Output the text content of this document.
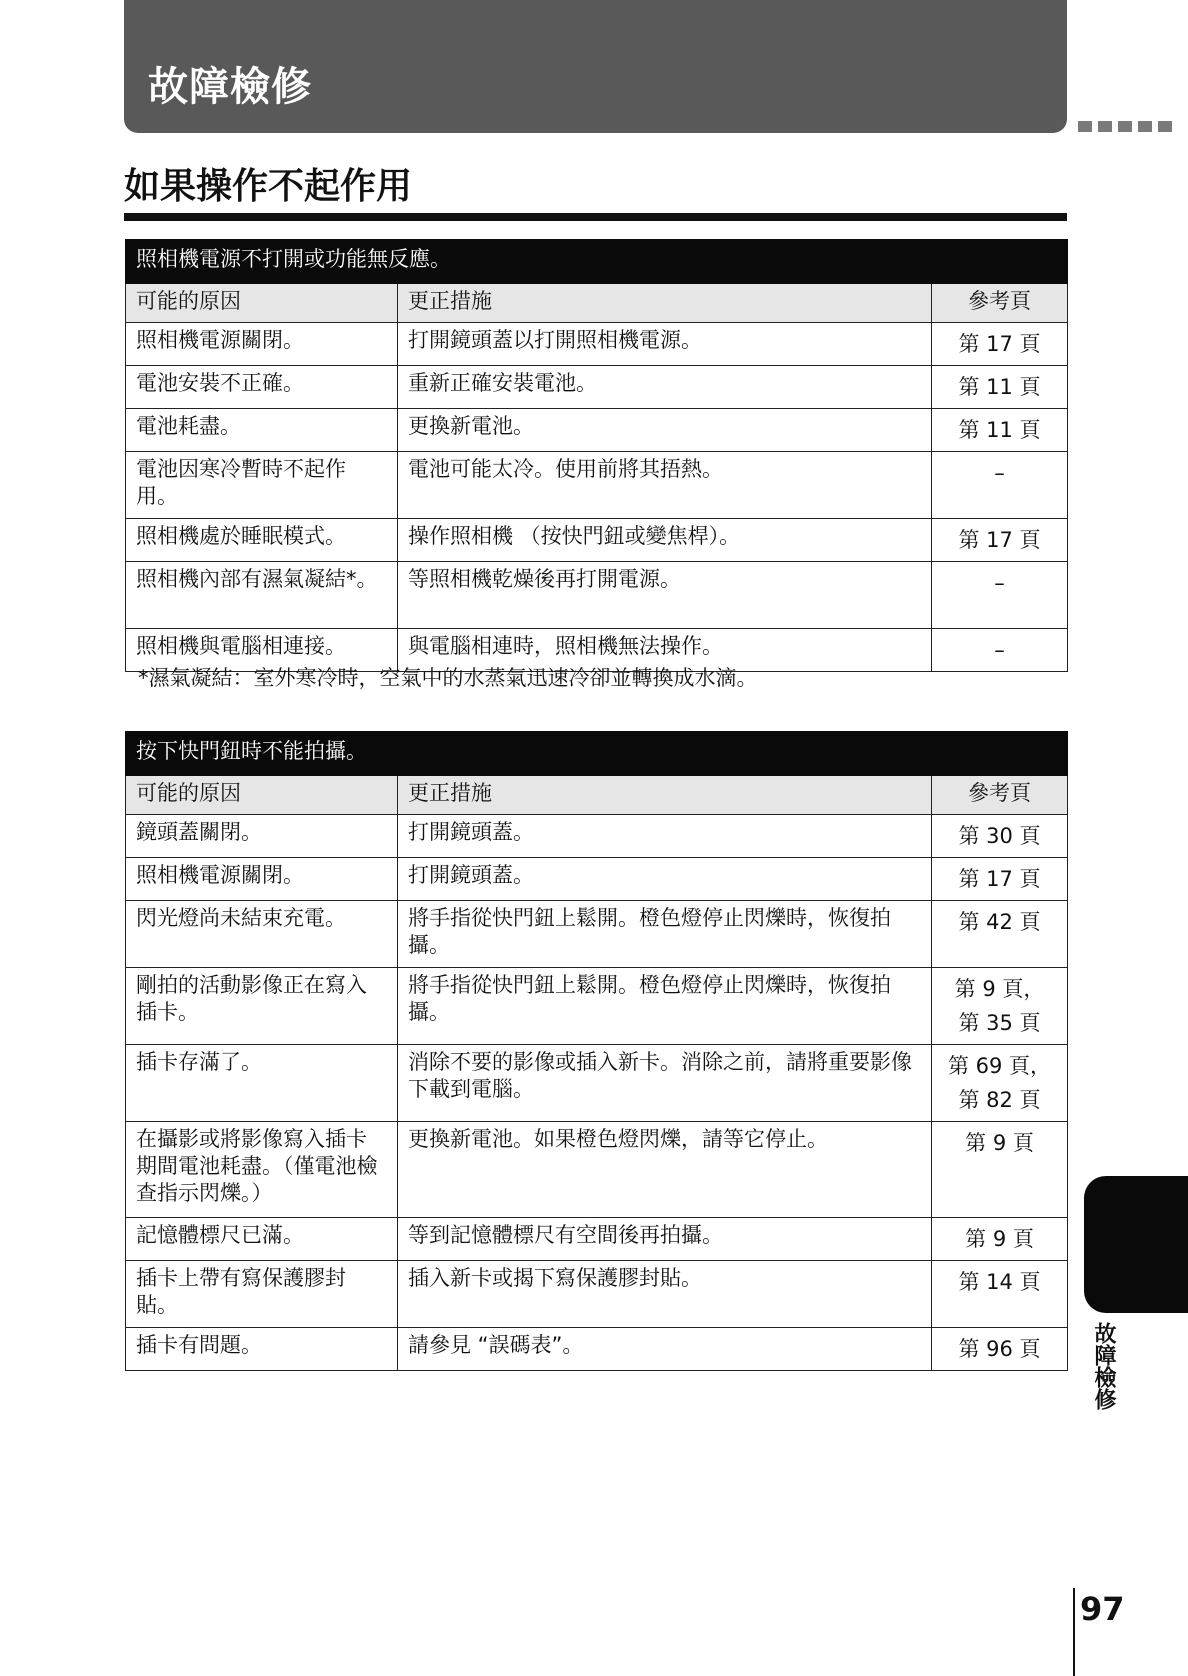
故障檢修
如果操作不起作用
照相機電源不打開或功能無反應。		
可能的原因	更正措施	參考頁
照相機電源關閉。	打開鏡頭蓋以打開照相機電源。	第 17 頁

電池安裝不正確。	重新正確安裝電池。	第 11 頁

電池耗盡。	更換新電池。	第 11 頁

電池因寒冷暫時不起作用。	電池可能太冷。使用前將其捂熱。	–

照相機處於睡眠模式。	操作照相機 （按快門鈕或變焦桿）。	第 17 頁

照相機內部有濕氣凝結*。	等照相機乾燥後再打開電源。	–

照相機與電腦相連接。	與電腦相連時，照相機無法操作。	–
*濕氣凝結：室外寒冷時，空氣中的水蒸氣迅速冷卻並轉換成水滴。
按下快門鈕時不能拍攝。		
可能的原因	更正措施	參考頁
鏡頭蓋關閉。	打開鏡頭蓋。	第 30 頁

照相機電源關閉。	打開鏡頭蓋。	第 17 頁

閃光燈尚未結束充電。	將手指從快門鈕上鬆開。橙色燈停止閃爍時，恢復拍攝。	第 42 頁

剛拍的活動影像正在寫入插卡。	將手指從快門鈕上鬆開。橙色燈停止閃爍時，恢復拍攝。	第 9 頁，
第 35 頁

插卡存滿了。	消除不要的影像或插入新卡。消除之前，請將重要影像下載到電腦。	第 69 頁，
第 82 頁

在攝影或將影像寫入插卡期間電池耗盡。（僅電池檢查指示閃爍。）	更換新電池。如果橙色燈閃爍，請等它停止。	第 9 頁

記憶體標尺已滿。	等到記憶體標尺有空間後再拍攝。	第 9 頁

插卡上帶有寫保護膠封貼。	插入新卡或揭下寫保護膠封貼。	第 14 頁

插卡有問題。	請參見 “誤碼表”。	第 96 頁	故障檢修
97
